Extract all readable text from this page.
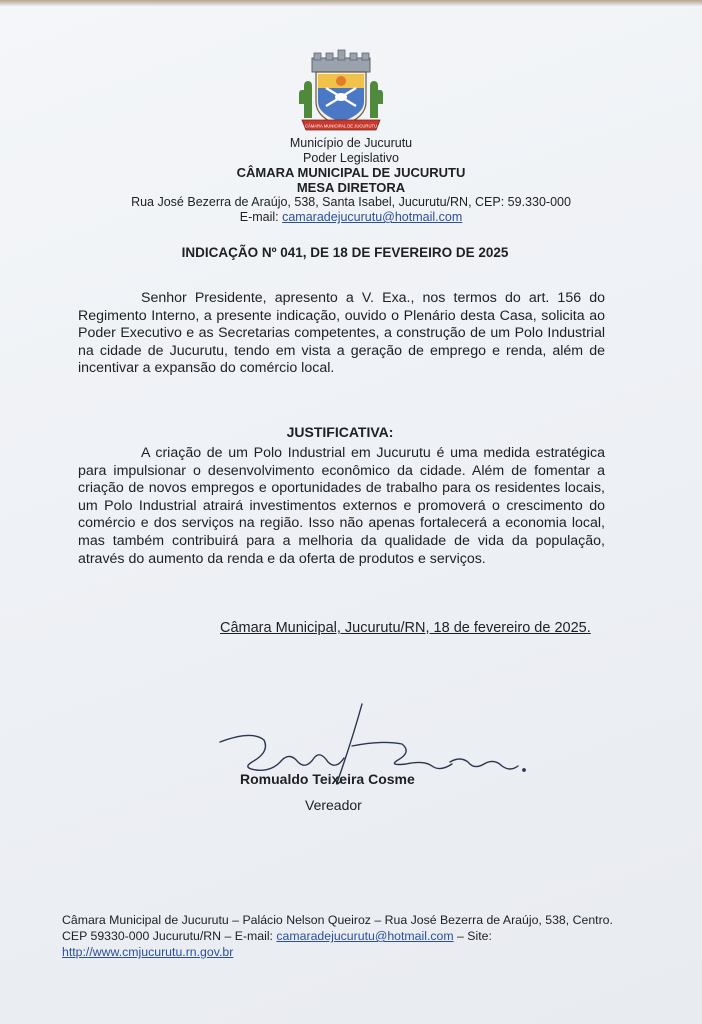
CÂMARA MUNICIPAL DE JUCURUTU
Município de Jucurutu
Poder Legislativo
CÂMARA MUNICIPAL DE JUCURUTU
MESA DIRETORA
Rua José Bezerra de Araújo, 538, Santa Isabel, Jucurutu/RN, CEP: 59.330-000
E-mail: camaradejucurutu@hotmail.com
INDICAÇÃO Nº 041, DE 18 DE FEVEREIRO DE 2025

Senhor Presidente, apresento a V. Exa., nos termos do art. 156 do Regimento Interno, a presente indicação, ouvido o Plenário desta Casa, solicita ao Poder Executivo e as Secretarias competentes, a construção de um Polo Industrial na cidade de Jucurutu, tendo em vista a geração de emprego e renda, além de incentivar a expansão do comércio local.

JUSTIFICATIVA:

A criação de um Polo Industrial em Jucurutu é uma medida estratégica para impulsionar o desenvolvimento econômico da cidade. Além de fomentar a criação de novos empregos e oportunidades de trabalho para os residentes locais, um Polo Industrial atrairá investimentos externos e promoverá o crescimento do comércio e dos serviços na região. Isso não apenas fortalecerá a economia local, mas também contribuirá para a melhoria da qualidade de vida da população, através do aumento da renda e da oferta de produtos e serviços.

Câmara Municipal, Jucurutu/RN, 18 de fevereiro de 2025.
Romualdo Teixeira Cosme
Vereador
Câmara Municipal de Jucurutu – Palácio Nelson Queiroz – Rua José Bezerra de Araújo, 538, Centro. CEP 59330-000 Jucurutu/RN – E-mail: camaradejucurutu@hotmail.com – Site: http://www.cmjucurutu.rn.gov.br
